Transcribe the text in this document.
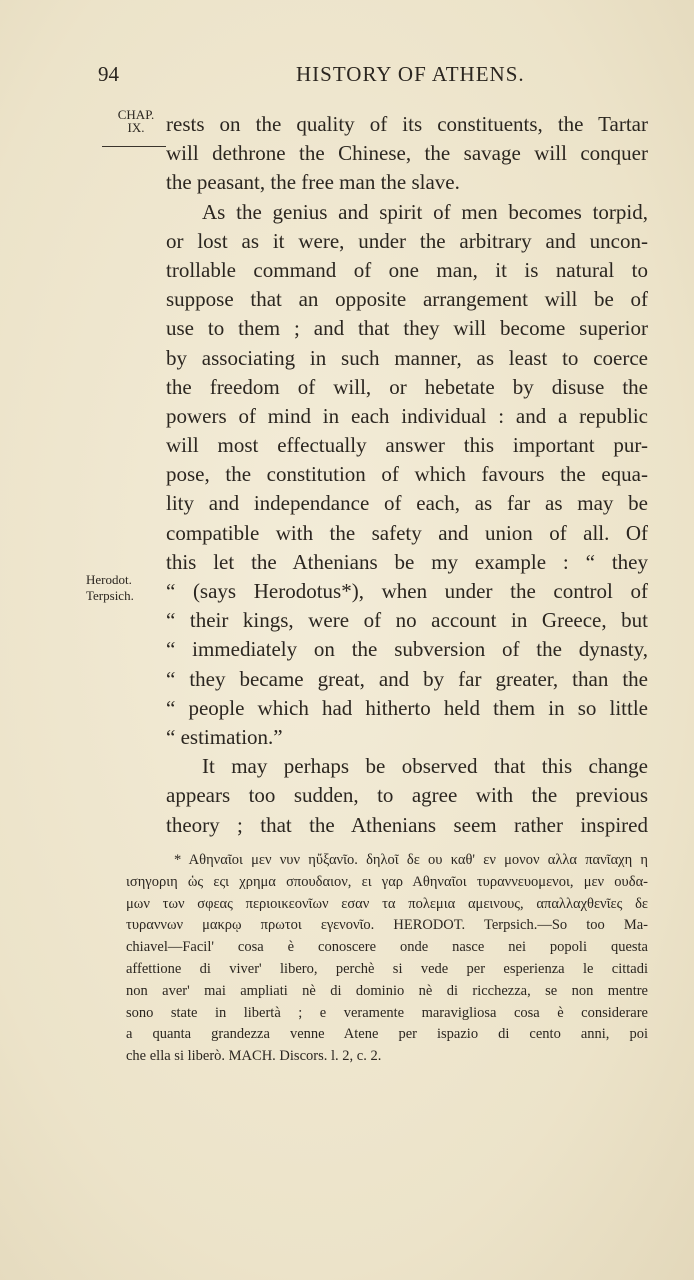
94	HISTORY OF ATHENS.
CHAP.
IX.
Herodot.
Terpsich.
rests on the quality of its constituents, the Tartar
will dethrone the Chinese, the savage will conquer
the peasant, the free man the slave.
As the genius and spirit of men becomes torpid,
or lost as it were, under the arbitrary and uncon-
trollable command of one man, it is natural to
suppose that an opposite arrangement will be of
use to them ; and that they will become superior
by associating in such manner, as least to coerce
the freedom of will, or hebetate by disuse the
powers of mind in each individual : and a republic
will most effectually answer this important pur-
pose, the constitution of which favours the equa-
lity and independance of each, as far as may be
compatible with the safety and union of all. Of
this let the Athenians be my example : “ they
“ (says Herodotus*), when under the control of
“ their kings, were of no account in Greece, but
“ immediately on the subversion of the dynasty,
“ they became great, and by far greater, than the
“ people which had hitherto held them in so little
“ estimation.”
It may perhaps be observed that this change
appears too sudden, to agree with the previous
theory ; that the Athenians seem rather inspired
* Αθηναῖοι μεν νυν ηὔξανῖο. δηλοῖ δε ου καθ' εν μονον αλλα πανῖαχη η
ισηγοριη ὡς εςι χρημα σπουδαιον, ει γαρ Αθηναῖοι τυραννευομενοι, μεν ουδα-
μων των σφεας περιοικεονῖων εσαν τα πολεμια αμεινους, απαλλαχθενῖες δε
τυραννων μακρῳ πρωτοι εγενονῖο. HERODOT. Terpsich.—So too Ma-
chiavel—Facil' cosa è conoscere onde nasce nei popoli questa
affettione di viver' libero, perchè si vede per esperienza le cittadi
non aver' mai ampliati nè di dominio nè di ricchezza, se non mentre
sono state in libertà ; e veramente maravigliosa cosa è considerare
a quanta grandezza venne Atene per ispazio di cento anni, poi
che ella si liberò. MACH. Discors. l. 2, c. 2.
